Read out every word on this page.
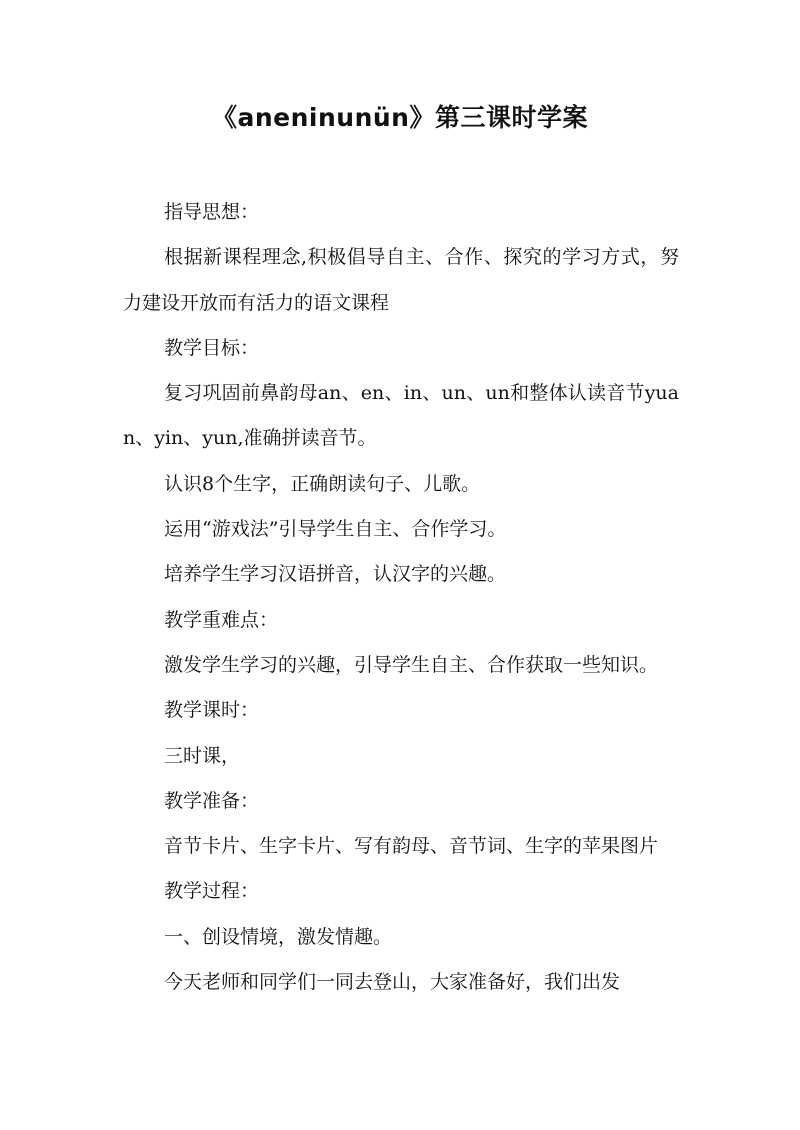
《aneninunün》第三课时学案

指导思想：

根据新课程理念,积极倡导自主、合作、探究的学习方式，努力建设开放而有活力的语文课程

教学目标：

复习巩固前鼻韵母an、en、in、un、un和整体认读音节yuan、yin、yun,准确拼读音节。

认识8个生字，正确朗读句子、儿歌。

运用“游戏法”引导学生自主、合作学习。

培养学生学习汉语拼音，认汉字的兴趣。

教学重难点：

激发学生学习的兴趣，引导学生自主、合作获取一些知识。

教学课时：

三时课，

教学准备：

音节卡片、生字卡片、写有韵母、音节词、生字的苹果图片

教学过程：

一、创设情境，激发情趣。

今天老师和同学们一同去登山，大家准备好，我们出发
